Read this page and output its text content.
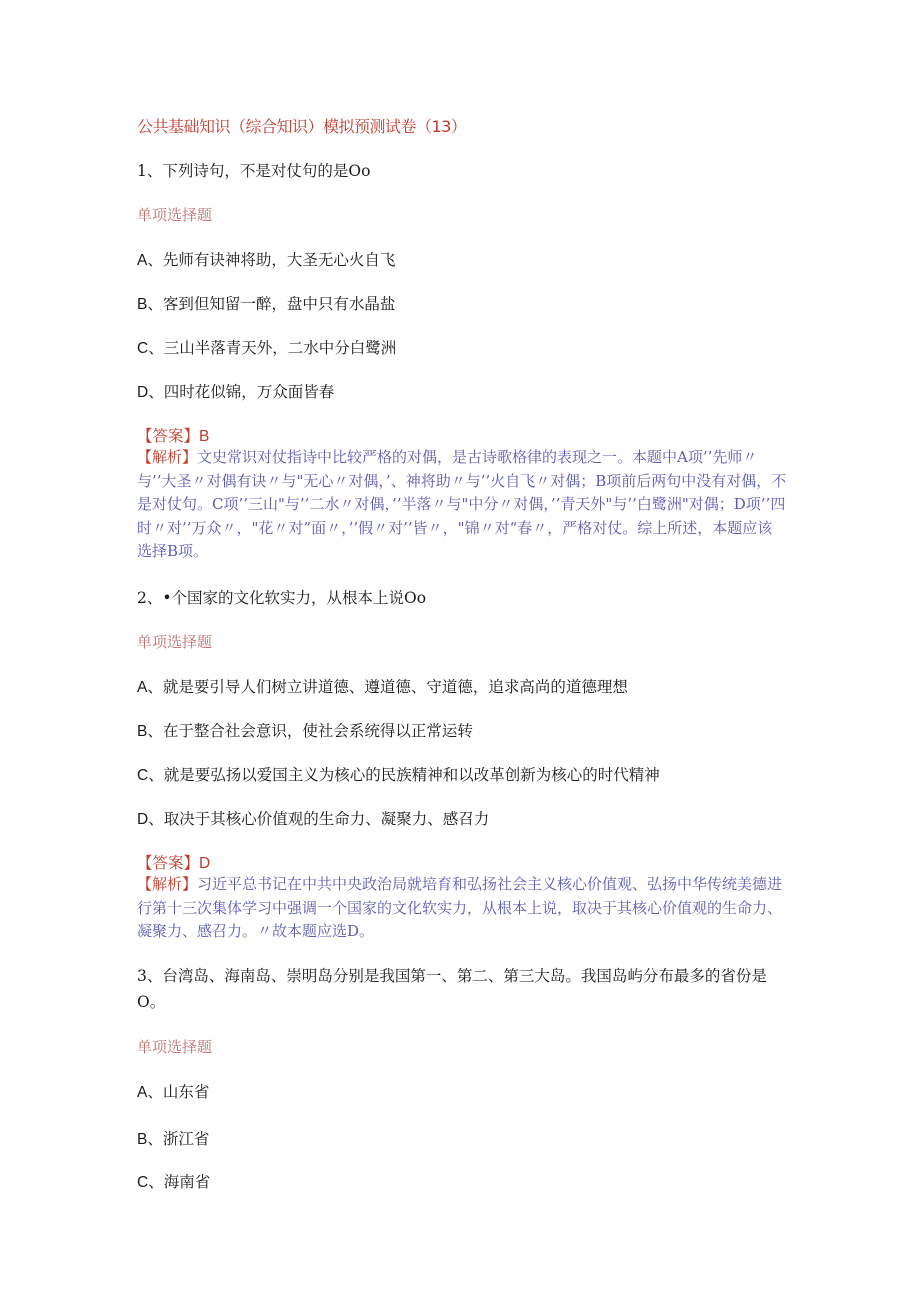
公共基础知识（综合知识）模拟预测试卷（13）
1、下列诗句，不是对仗句的是Oo
单项选择题
A、先师有诀神将助，大圣无心火自飞
B、客到但知留一醉，盘中只有水晶盐
C、三山半落青天外，二水中分白鹭洲
D、四时花似锦，万众面皆春
【答案】B
【解析】文史常识对仗指诗中比较严格的对偶，是古诗歌格律的表现之一。本题中A项’’先师〃与’’大圣〃对偶有诀〃与"无心〃对偶，’、神将助〃与’’火自飞〃对偶；B项前后两句中没有对偶，不是对仗句。C项’’三山"与’’二水〃对偶，’’半落〃与"中分〃对偶，’’青天外"与’’白鹭洲"对偶；D项’’四时〃对’’万众〃，"花〃对”面〃，’’假〃对’’皆〃，"锦〃对“春〃，严格对仗。综上所述，本题应该选择B项。
2、•个国家的文化软实力，从根本上说Oo
单项选择题
A、就是要引导人们树立讲道德、遵道德、守道德，追求高尚的道德理想
B、在于整合社会意识，使社会系统得以正常运转
C、就是要弘扬以爱国主义为核心的民族精神和以改革创新为核心的时代精神
D、取决于其核心价值观的生命力、凝聚力、感召力
【答案】D
【解析】习近平总书记在中共中央政治局就培育和弘扬社会主义核心价值观、弘扬中华传统美德进行第十三次集体学习中强调一个国家的文化软实力，从根本上说，取决于其核心价值观的生命力、凝聚力、感召力。〃故本题应选D。
3、台湾岛、海南岛、崇明岛分别是我国第一、第二、第三大岛。我国岛屿分布最多的省份是O。
单项选择题
A、山东省
B、浙江省
C、海南省
